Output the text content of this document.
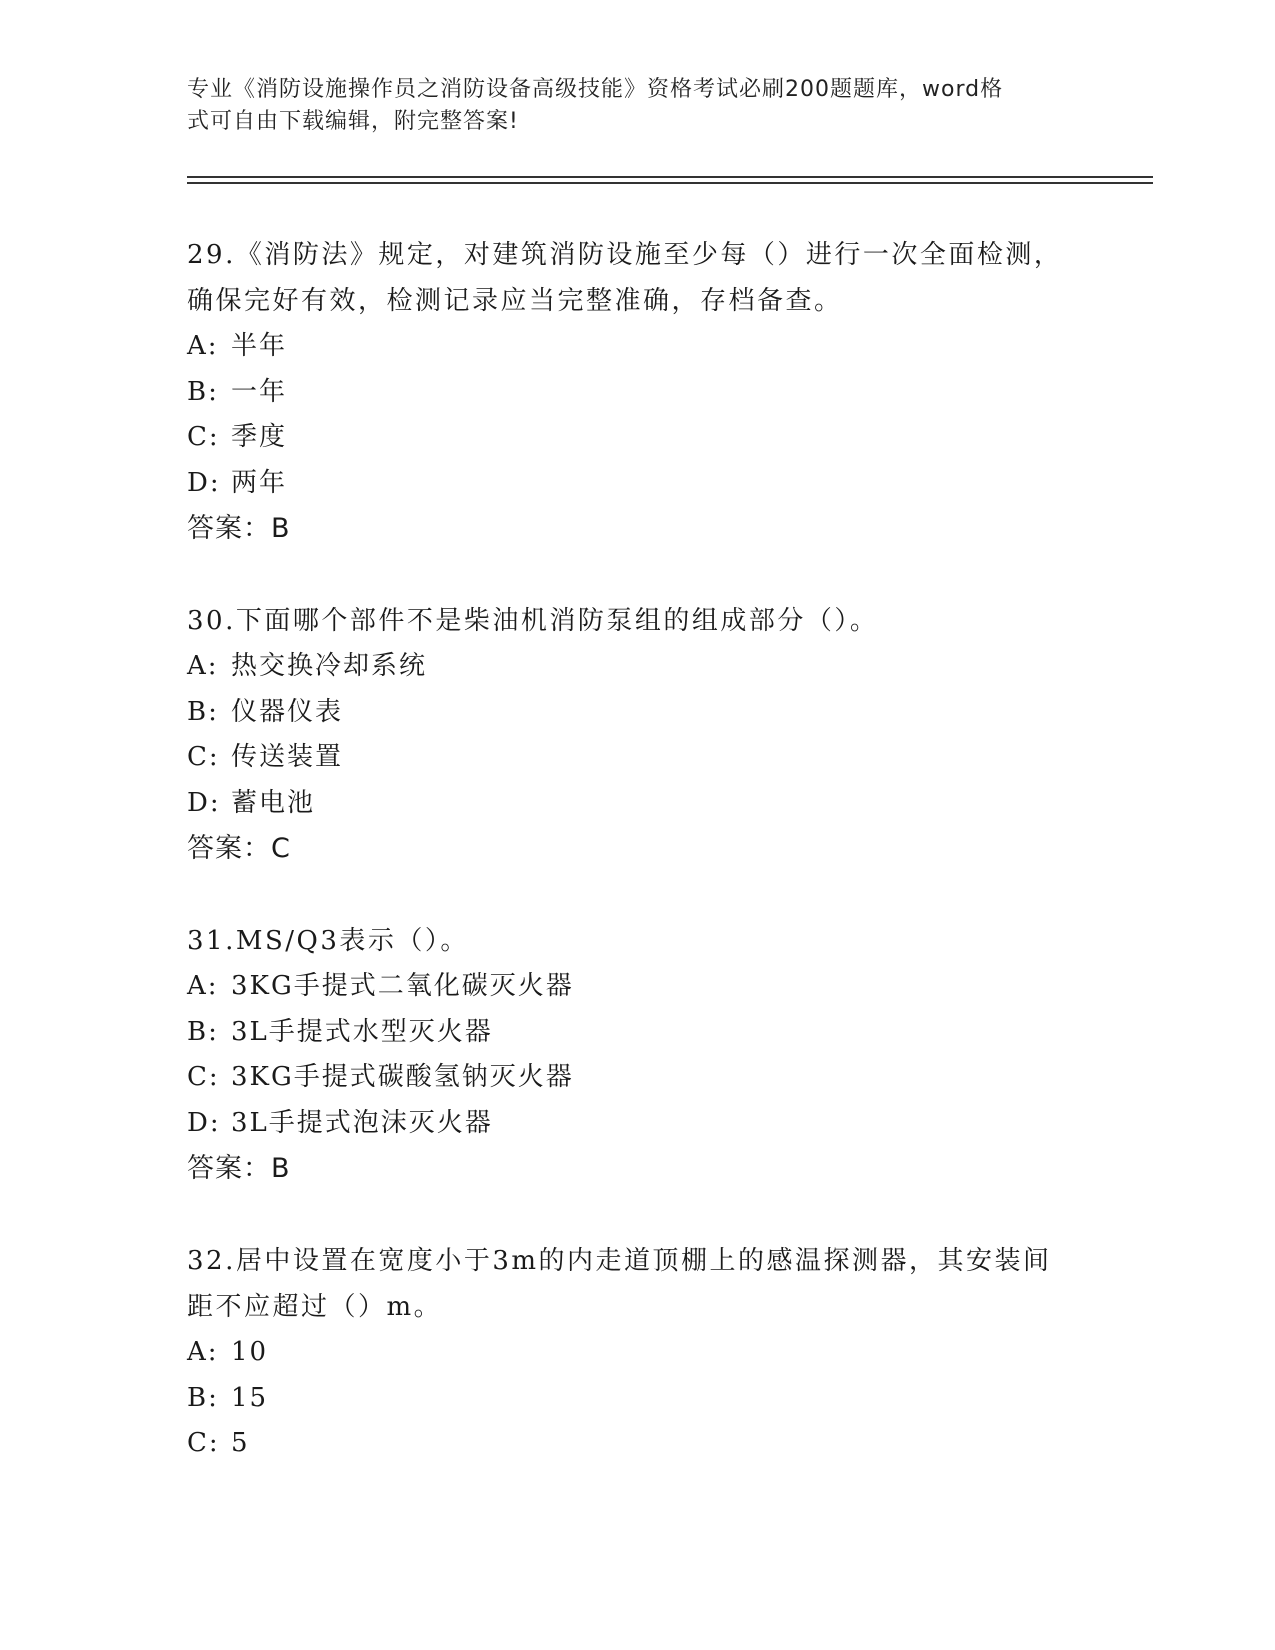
专业《消防设施操作员之消防设备高级技能》资格考试必刷200题题库，word格
式可自由下载编辑，附完整答案!

29.《消防法》规定，对建筑消防设施至少每（）进行一次全面检测，
确保完好有效，检测记录应当完整准确，存档备查。

A: 半年

B: 一年

C: 季度

D: 两年

答案：B

30.下面哪个部件不是柴油机消防泵组的组成部分（）。

A: 热交换冷却系统

B: 仪器仪表

C: 传送装置

D: 蓄电池

答案：C

31.MS/Q3表示（）。

A: 3KG手提式二氧化碳灭火器

B: 3L手提式水型灭火器

C: 3KG手提式碳酸氢钠灭火器

D: 3L手提式泡沫灭火器

答案：B

32.居中设置在宽度小于3m的内走道顶棚上的感温探测器，其安装间
距不应超过（）m。

A: 10

B: 15

C: 5
